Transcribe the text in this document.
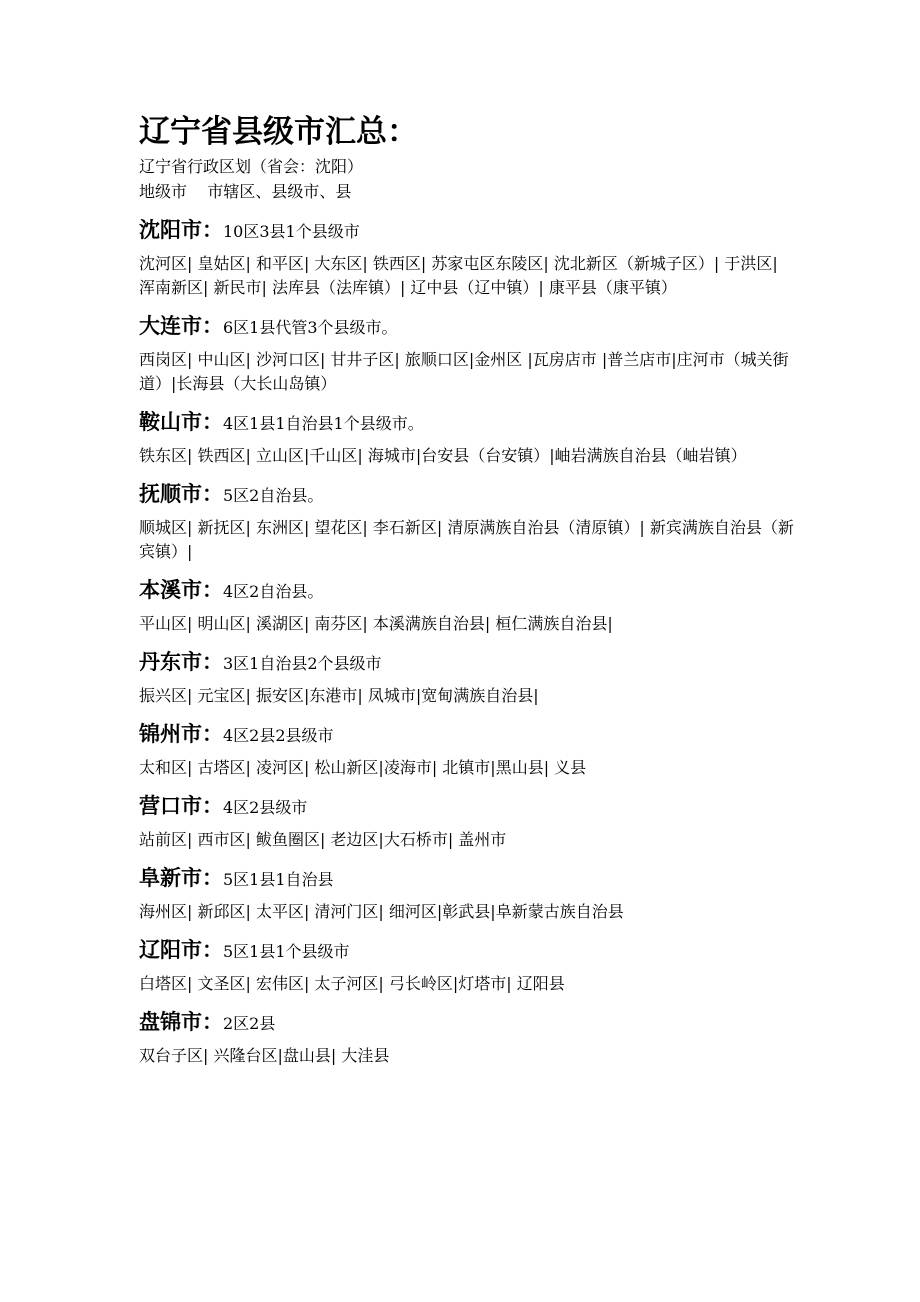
辽宁省县级市汇总：

辽宁省行政区划（省会：沈阳）

地级市    市辖区、县级市、县

沈阳市：10区3县1个县级市

沈河区| 皇姑区| 和平区| 大东区| 铁西区| 苏家屯区东陵区| 沈北新区（新城子区）| 于洪区| 浑南新区| 新民市| 法库县（法库镇）| 辽中县（辽中镇）| 康平县（康平镇）

大连市：6区1县代管3个县级市。

西岗区| 中山区| 沙河口区| 甘井子区| 旅顺口区|金州区 |瓦房店市 |普兰店市|庄河市（城关街道）|长海县（大长山岛镇）

鞍山市：4区1县1自治县1个县级市。

铁东区| 铁西区| 立山区|千山区| 海城市|台安县（台安镇）|岫岩满族自治县（岫岩镇）

抚顺市：5区2自治县。

顺城区| 新抚区| 东洲区| 望花区| 李石新区| 清原满族自治县（清原镇）| 新宾满族自治县（新宾镇）|

本溪市：4区2自治县。

平山区| 明山区| 溪湖区| 南芬区| 本溪满族自治县| 桓仁满族自治县|

丹东市：3区1自治县2个县级市

振兴区| 元宝区| 振安区|东港市| 凤城市|宽甸满族自治县|

锦州市：4区2县2县级市

太和区| 古塔区| 凌河区| 松山新区|凌海市| 北镇市|黑山县| 义县

营口市：4区2县级市

站前区| 西市区| 鲅鱼圈区| 老边区|大石桥市| 盖州市

阜新市：5区1县1自治县

海州区| 新邱区| 太平区| 清河门区| 细河区|彰武县|阜新蒙古族自治县

辽阳市：5区1县1个县级市

白塔区| 文圣区| 宏伟区| 太子河区| 弓长岭区|灯塔市| 辽阳县

盘锦市：2区2县

双台子区| 兴隆台区|盘山县| 大洼县
